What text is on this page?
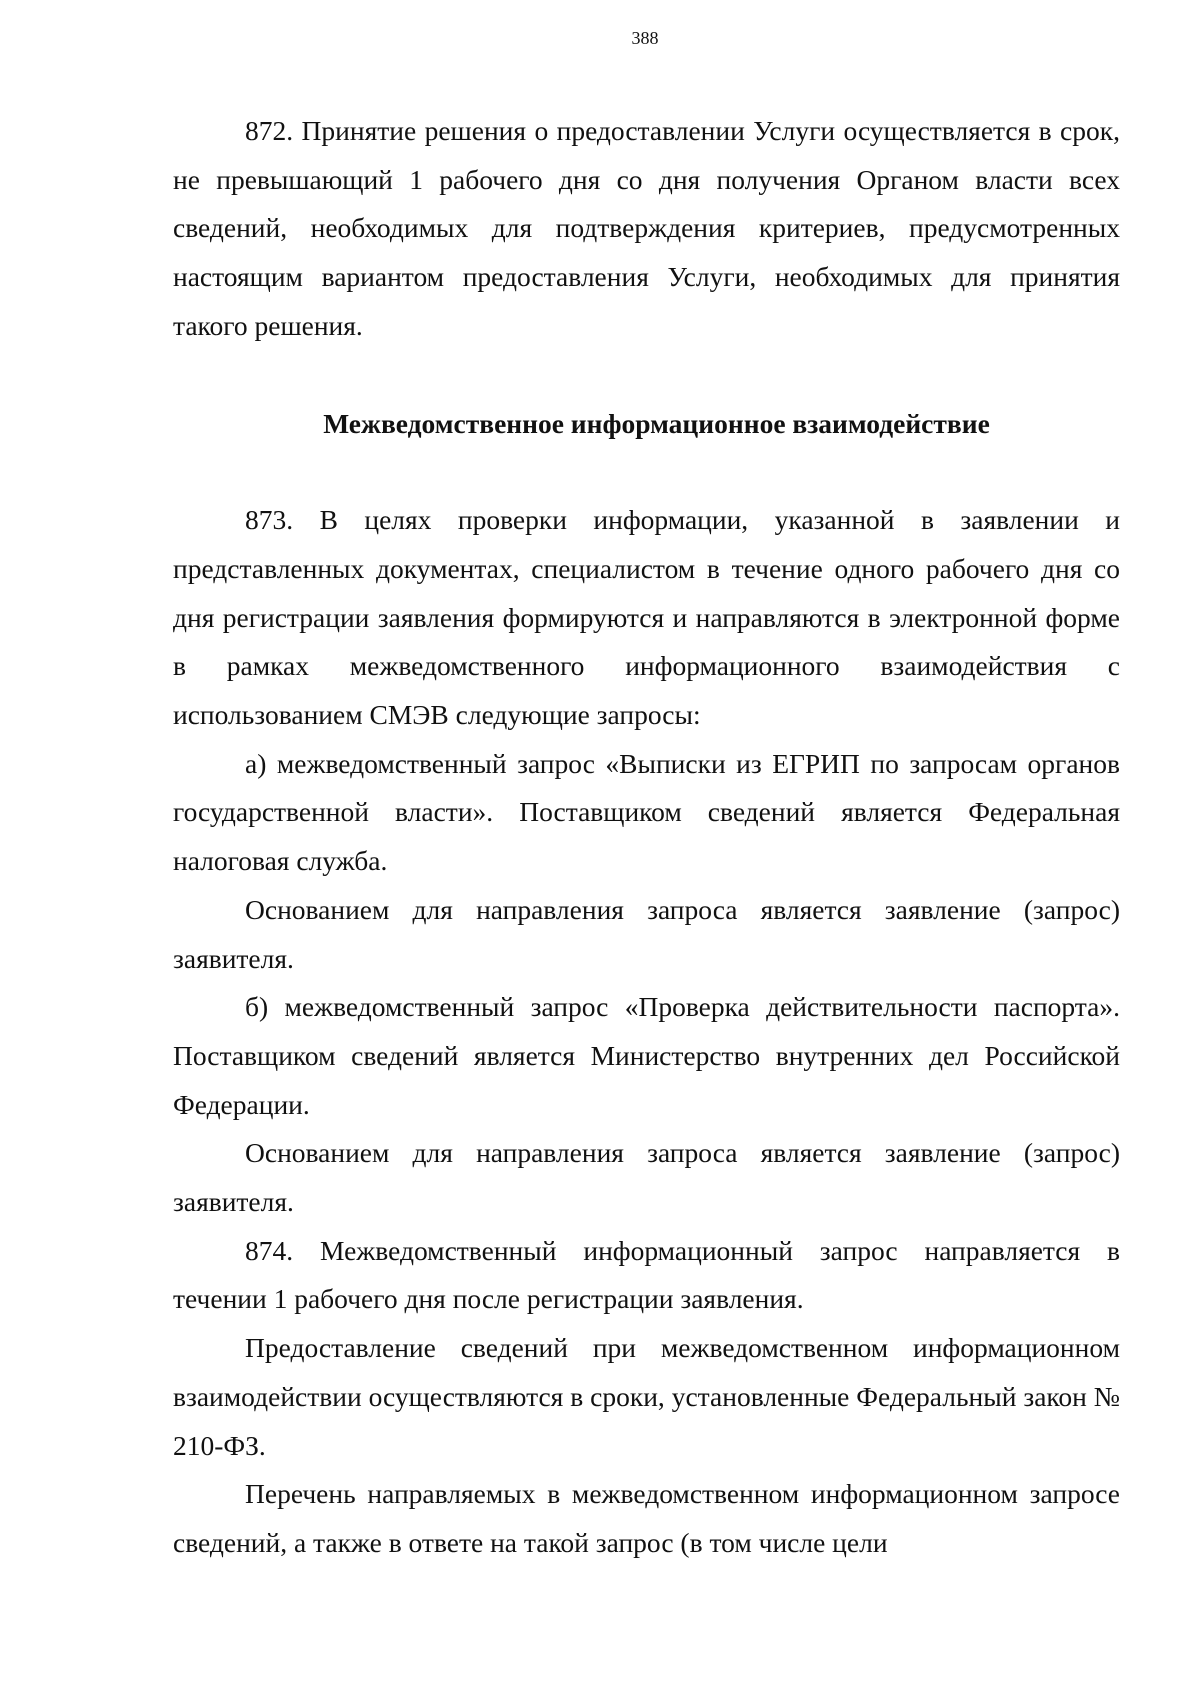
388

872. Принятие решения о предоставлении Услуги осуществляется в срок, не превышающий 1 рабочего дня со дня получения Органом власти всех сведений, необходимых для подтверждения критериев, предусмотренных настоящим вариантом предоставления Услуги, необходимых для принятия такого решения.

Межведомственное информационное взаимодействие

873. В целях проверки информации, указанной в заявлении и представленных документах, специалистом в течение одного рабочего дня со дня регистрации заявления формируются и направляются в электронной форме в рамках межведомственного информационного взаимодействия с использованием СМЭВ следующие запросы:

а) межведомственный запрос «Выписки из ЕГРИП по запросам органов государственной власти». Поставщиком сведений является Федеральная налоговая служба.

Основанием для направления запроса является заявление (запрос) заявителя.

б) межведомственный запрос «Проверка действительности паспорта». Поставщиком сведений является Министерство внутренних дел Российской Федерации.

Основанием для направления запроса является заявление (запрос) заявителя.

874. Межведомственный информационный запрос направляется в течении 1 рабочего дня после регистрации заявления.

Предоставление сведений при межведомственном информационном взаимодействии осуществляются в сроки, установленные Федеральный закон № 210-ФЗ.

Перечень направляемых в межведомственном информационном запросе сведений, а также в ответе на такой запрос (в том числе цели
